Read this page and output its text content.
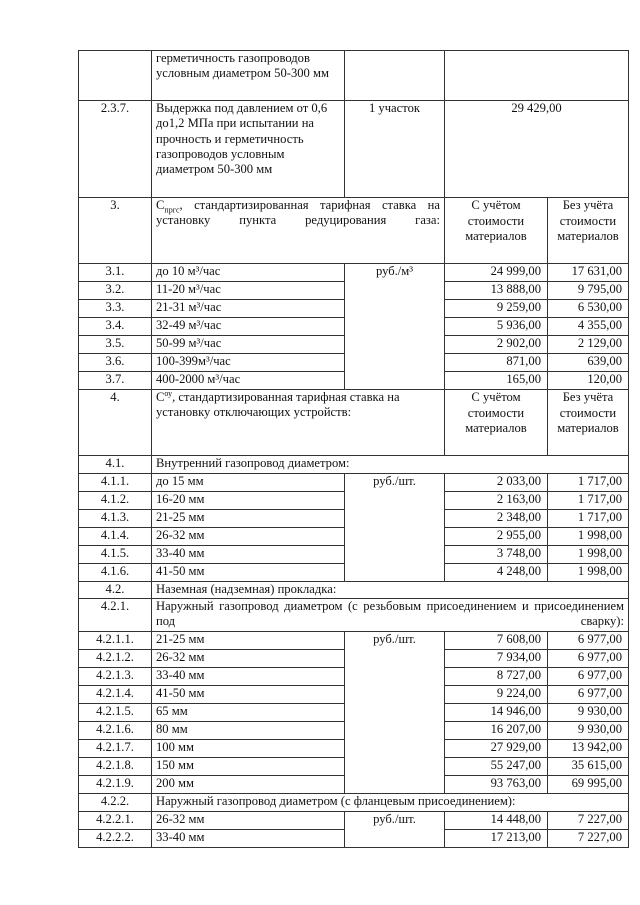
	герметичность газопроводов условным диаметром 50-300 мм			
2.3.7.	Выдержка под давлением от 0,6 до1,2 МПа при испытании на прочность и герметичность газопроводов условным диаметром 50-300 мм	1 участок	29 429,00	
3.	$С_{пргс}$, стандартизированная тарифная ставка на установку пункта редуцирования газа:		С учётом стоимости материалов	Без учёта стоимости материалов
3.1.	до 10 м³/час	руб./м³	24 999,00	17 631,00
3.2.	11-20 м³/час		13 888,00	9 795,00
3.3.	21-31 м³/час		9 259,00	6 530,00
3.4.	32-49 м³/час		5 936,00	4 355,00
3.5.	50-99 м³/час		2 902,00	2 129,00
3.6.	100-399м³/час		871,00	639,00
3.7.	400-2000 м³/час		165,00	120,00
4.	$С^{оу}$, стандартизированная тарифная ставка на установку отключающих устройств:		С учётом стоимости материалов	Без учёта стоимости материалов
4.1.	Внутренний газопровод диаметром:			
4.1.1.	до 15 мм	руб./шт.	2 033,00	1 717,00
4.1.2.	16-20 мм		2 163,00	1 717,00
4.1.3.	21-25 мм		2 348,00	1 717,00
4.1.4.	26-32 мм		2 955,00	1 998,00
4.1.5.	33-40 мм		3 748,00	1 998,00
4.1.6.	41-50 мм		4 248,00	1 998,00
4.2.	Наземная (надземная) прокладка:			
4.2.1.	Наружный газопровод диаметром (с резьбовым присоединением и присоединением под сварку):			
4.2.1.1.	21-25 мм	руб./шт.	7 608,00	6 977,00
4.2.1.2.	26-32 мм		7 934,00	6 977,00
4.2.1.3.	33-40 мм		8 727,00	6 977,00
4.2.1.4.	41-50 мм		9 224,00	6 977,00
4.2.1.5.	65 мм		14 946,00	9 930,00
4.2.1.6.	80 мм		16 207,00	9 930,00
4.2.1.7.	100 мм		27 929,00	13 942,00
4.2.1.8.	150 мм		55 247,00	35 615,00
4.2.1.9.	200 мм		93 763,00	69 995,00
4.2.2.	Наружный газопровод диаметром (с фланцевым присоединением):			
4.2.2.1.	26-32 мм	руб./шт.	14 448,00	7 227,00
4.2.2.2.	33-40 мм		17 213,00	7 227,00
